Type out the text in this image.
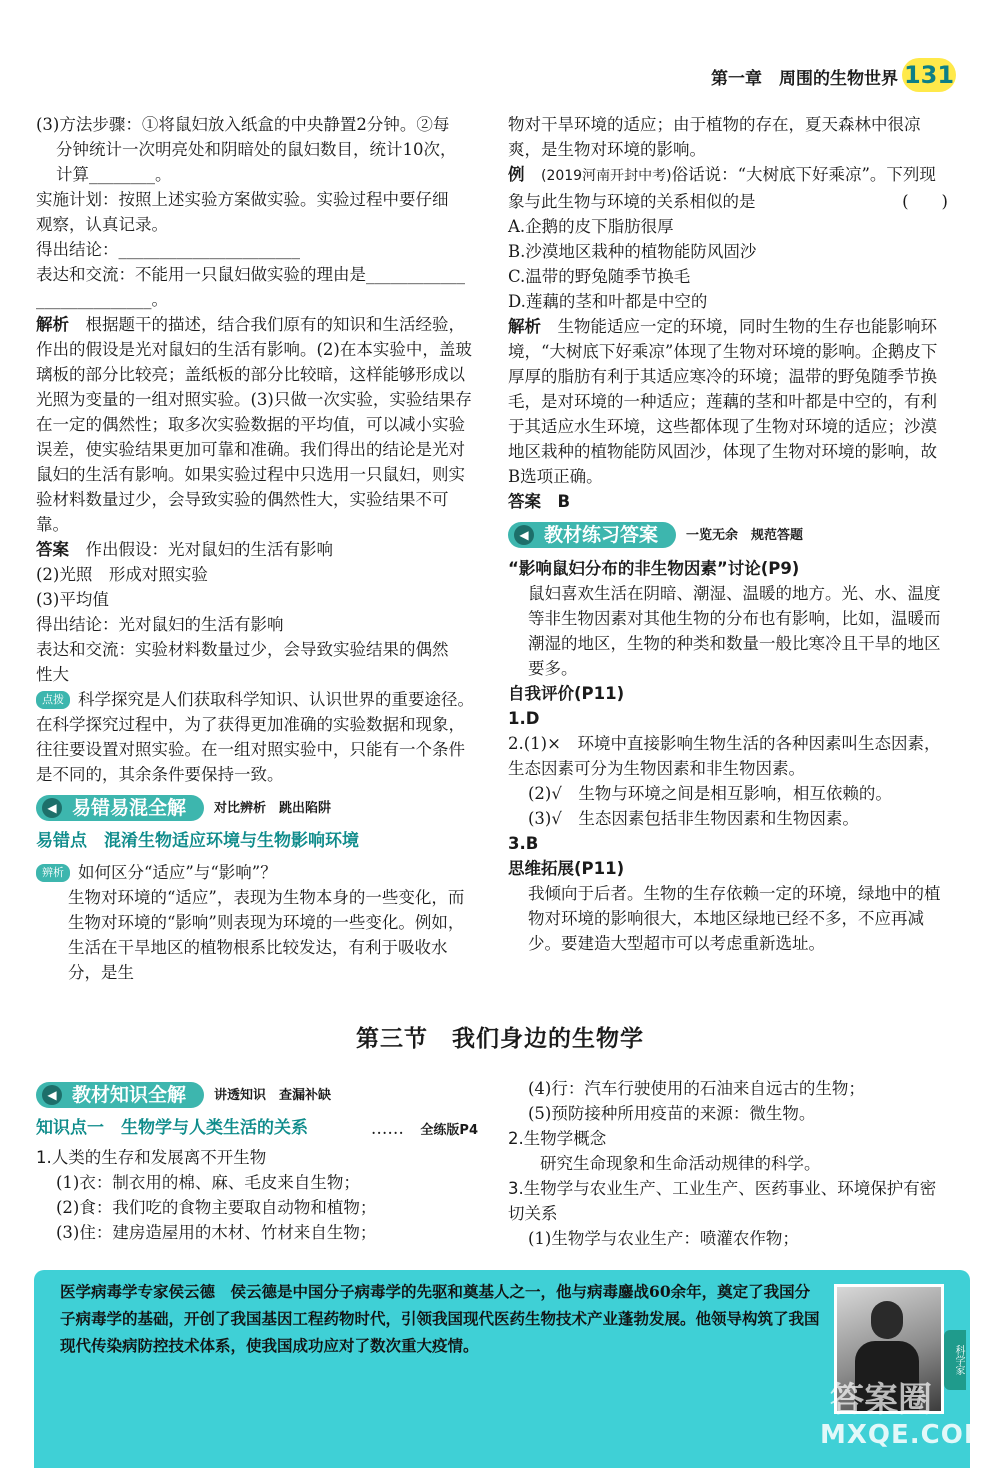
第一章　周围的生物世界 131

(3)方法步骤：①将鼠妇放入纸盒的中央静置2分钟。②每

分钟统计一次明亮处和阴暗处的鼠妇数目，统计10次，

计算________。

实施计划：按照上述实验方案做实验。实验过程中要仔细

观察，认真记录。

得出结论：______________________

表达和交流：不能用一只鼠妇做实验的理由是____________

______________。

解析　 根据题干的描述，结合我们原有的知识和生活经验，作出的假设是光对鼠妇的生活有影响。(2)在本实验中，盖玻璃板的部分比较亮；盖纸板的部分比较暗，这样能够形成以光照为变量的一组对照实验。(3)只做一次实验，实验结果存在一定的偶然性；取多次实验数据的平均值，可以减小实验误差，使实验结果更加可靠和准确。我们得出的结论是光对鼠妇的生活有影响。如果实验过程中只选用一只鼠妇，则实验材料数量过少，会导致实验的偶然性大，实验结果不可靠。

答案　 作出假设：光对鼠妇的生活有影响

(2)光照　形成对照实验

(3)平均值

得出结论：光对鼠妇的生活有影响

表达和交流：实验材料数量过少，会导致实验结果的偶然

性大

点拨 科学探究是人们获取科学知识、认识世界的重要途径。在科学探究过程中，为了获得更加准确的实验数据和现象，往往要设置对照实验。在一组对照实验中，只能有一个条件是不同的，其余条件要保持一致。

◀ 易错易混全解	对比辨析　跳出陷阱

易错点　混淆生物适应环境与生物影响环境

辨析 如何区分“适应”与“影响”？

生物对环境的“适应”，表现为生物本身的一些变化，而生物对环境的“影响”则表现为环境的一些变化。例如，生活在干旱地区的植物根系比较发达，有利于吸收水分，是生

物对干旱环境的适应；由于植物的存在，夏天森林中很凉爽，是生物对环境的影响。

例　 (2019河南开封中考)俗话说：“大树底下好乘凉”。下列现象与此生物与环境的关系相似的是	(　　)

A.企鹅的皮下脂肪很厚

B.沙漠地区栽种的植物能防风固沙

C.温带的野兔随季节换毛

D.莲藕的茎和叶都是中空的

解析　 生物能适应一定的环境，同时生物的生存也能影响环境，“大树底下好乘凉”体现了生物对环境的影响。企鹅皮下厚厚的脂肪有利于其适应寒冷的环境；温带的野兔随季节换毛，是对环境的一种适应；莲藕的茎和叶都是中空的，有利于其适应水生环境，这些都体现了生物对环境的适应；沙漠地区栽种的植物能防风固沙，体现了生物对环境的影响，故B选项正确。

答案　 B

◀ 教材练习答案	一览无余　规范答题

“影响鼠妇分布的非生物因素”讨论(P9)

鼠妇喜欢生活在阴暗、潮湿、温暖的地方。光、水、温度等非生物因素对其他生物的分布也有影响，比如，温暖而潮湿的地区，生物的种类和数量一般比寒冷且干旱的地区要多。

自我评价(P11)

1.D

2.(1)×　环境中直接影响生物生活的各种因素叫生态因素，生态因素可分为生物因素和非生物因素。

(2)√　生物与环境之间是相互影响，相互依赖的。

(3)√　生态因素包括非生物因素和生物因素。

3.B

思维拓展(P11)

我倾向于后者。生物的生存依赖一定的环境，绿地中的植物对环境的影响很大，本地区绿地已经不多，不应再减少。要建造大型超市可以考虑重新选址。

第三节　我们身边的生物学
◀ 教材知识全解	讲透知识　查漏补缺
知识点一　生物学与人类生活的关系	……　 全练版P4

1.人类的生存和发展离不开生物

(1)衣：制衣用的棉、麻、毛皮来自生物；

(2)食：我们吃的食物主要取自动物和植物；

(3)住：建房造屋用的木材、竹材来自生物；

(4)行：汽车行驶使用的石油来自远古的生物；

(5)预防接种所用疫苗的来源：微生物。

2.生物学概念

研究生命现象和生命活动规律的科学。

3.生物学与农业生产、工业生产、医药事业、环境保护有密切关系

(1)生物学与农业生产：喷灌农作物；

医学病毒学专家侯云德　 侯云德是中国分子病毒学的先驱和奠基人之一，他与病毒鏖战60余年，奠定了我国分子病毒学的基础，开创了我国基因工程药物时代，引领我国现代医药生物技术产业蓬勃发展。他领导构筑了我国现代传染病防控技术体系，使我国成功应对了数次重大疫情。	科学家
答案圈
MXQE.COM
